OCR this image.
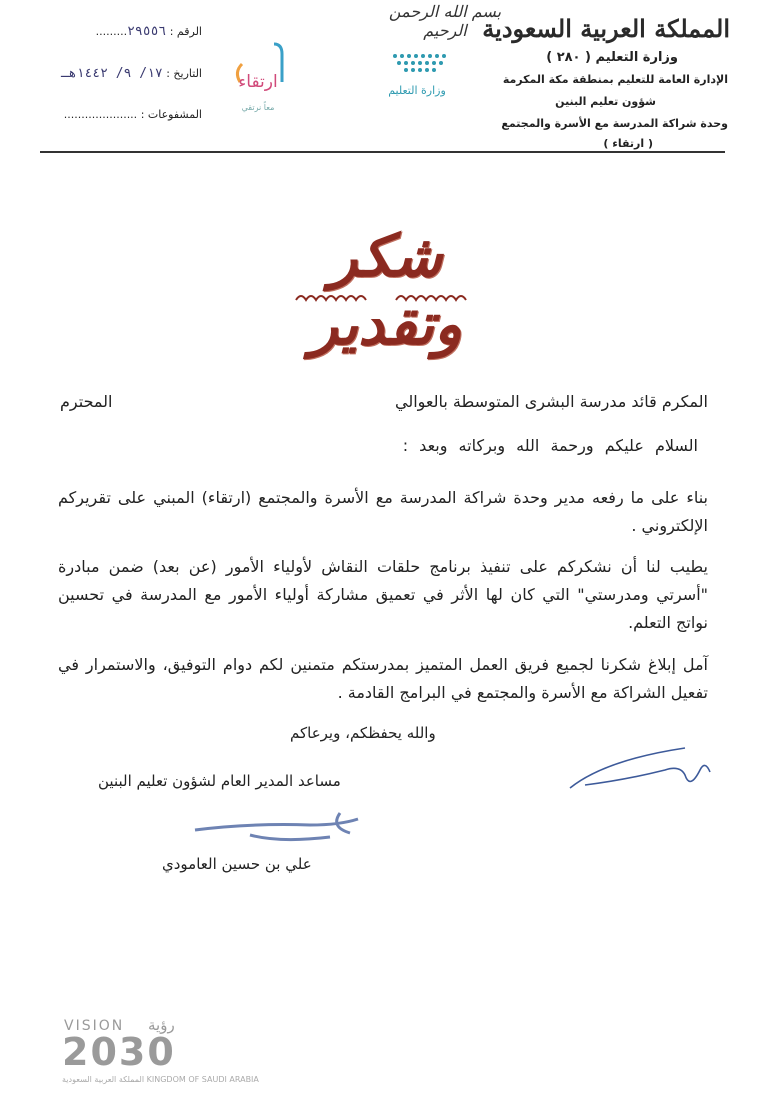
المملكة العربية السعودية
وزارة التعليم ( ٢٨٠ )
الإدارة العامة للتعليم بمنطقة مكة المكرمة
شؤون تعليم البنين
وحدة شراكة المدرسة مع الأسرة والمجتمع
( ارتقاء )
بسم الله الرحمن الرحيم
وزارة التعليم
ارتقاء
معاً نرتقي
الرقم : ٢٩٥٥٦.........
التاريخ : ١٧/ ٩/ ١٤٤٢هـ
المشفوعات : .....................
شكر وتقدير
المكرم قائد مدرسة البشرى المتوسطة بالعوالي
المحترم
السلام عليكم ورحمة الله وبركاته وبعد :
بناء على ما رفعه مدير وحدة شراكة المدرسة مع الأسرة والمجتمع (ارتقاء) المبني على تقريركم الإلكتروني .
يطيب لنا أن نشكركم على تنفيذ برنامج حلقات النقاش لأولياء الأمور (عن بعد) ضمن مبادرة "أسرتي ومدرستي" التي كان لها الأثر في تعميق مشاركة أولياء الأمور مع المدرسة في تحسين نواتج التعلم.
آمل إبلاغ شكرنا لجميع فريق العمل المتميز بمدرستكم متمنين لكم دوام التوفيق، والاستمرار في تفعيل الشراكة مع الأسرة والمجتمع في البرامج القادمة .
والله يحفظكم، ويرعاكم
مساعد المدير العام لشؤون تعليم البنين
علي بن حسين العامودي
VISION رؤية
2030
المملكة العربية السعودية KINGDOM OF SAUDI ARABIA
